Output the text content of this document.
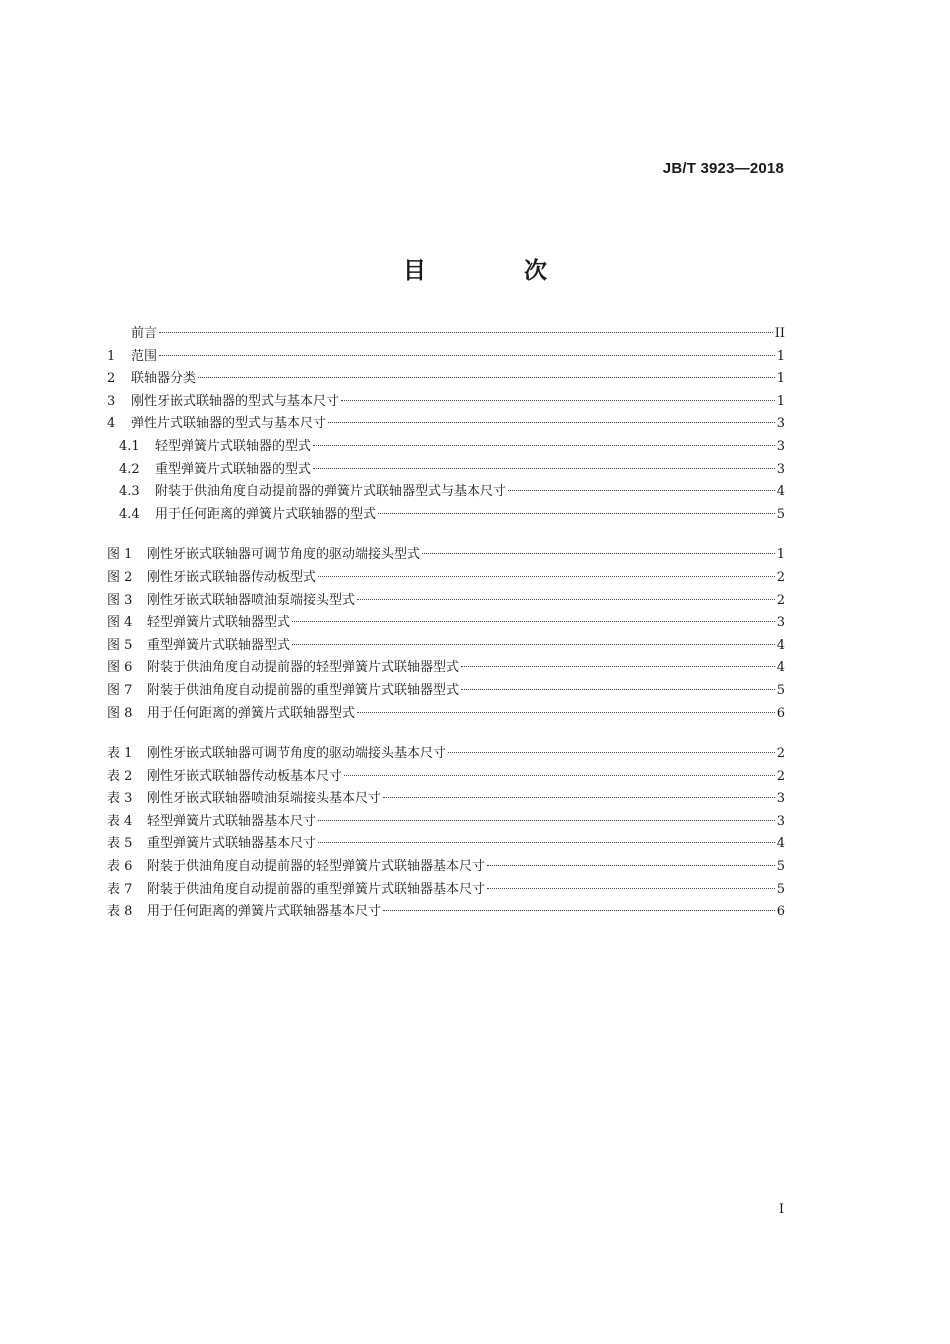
JB/T 3923—2018
目 次
前言	II
1	范围	1
2	联轴器分类	1
3	刚性牙嵌式联轴器的型式与基本尺寸	1
4	弹性片式联轴器的型式与基本尺寸	3
4.1	轻型弹簧片式联轴器的型式	3
4.2	重型弹簧片式联轴器的型式	3
4.3	附装于供油角度自动提前器的弹簧片式联轴器型式与基本尺寸	4
4.4	用于任何距离的弹簧片式联轴器的型式	5
图 1	刚性牙嵌式联轴器可调节角度的驱动端接头型式	1
图 2	刚性牙嵌式联轴器传动板型式	2
图 3	刚性牙嵌式联轴器喷油泵端接头型式	2
图 4	轻型弹簧片式联轴器型式	3
图 5	重型弹簧片式联轴器型式	4
图 6	附装于供油角度自动提前器的轻型弹簧片式联轴器型式	4
图 7	附装于供油角度自动提前器的重型弹簧片式联轴器型式	5
图 8	用于任何距离的弹簧片式联轴器型式	6
表 1	刚性牙嵌式联轴器可调节角度的驱动端接头基本尺寸	2
表 2	刚性牙嵌式联轴器传动板基本尺寸	2
表 3	刚性牙嵌式联轴器喷油泵端接头基本尺寸	3
表 4	轻型弹簧片式联轴器基本尺寸	3
表 5	重型弹簧片式联轴器基本尺寸	4
表 6	附装于供油角度自动提前器的轻型弹簧片式联轴器基本尺寸	5
表 7	附装于供油角度自动提前器的重型弹簧片式联轴器基本尺寸	5
表 8	用于任何距离的弹簧片式联轴器基本尺寸	6
I
